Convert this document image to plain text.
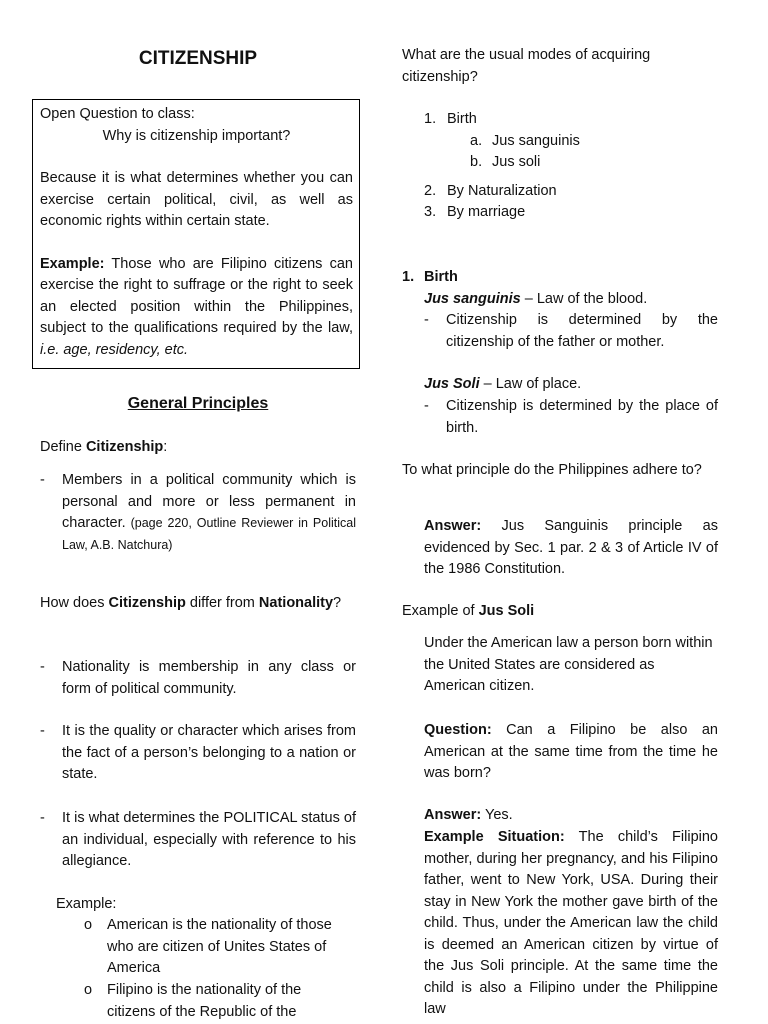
CITIZENSHIP

Open Question to class:

Why is citizenship important?

Because it is what determines whether you can exercise certain political, civil, as well as economic rights within certain state.

Example: Those who are Filipino citizens can exercise the right to suffrage or the right to seek an elected position within the Philippines, subject to the qualifications required by the law, i.e. age, residency, etc.

General Principles
Define Citizenship:
- Members in a political community which is personal and more or less permanent in character. (page 220, Outline Reviewer in Political Law, A.B. Natchura)
How does Citizenship differ from Nationality?
- Nationality is membership in any class or form of political community.
- It is the quality or character which arises from the fact of a person’s belonging to a nation or state.
- It is what determines the POLITICAL status of an individual, especially with reference to his allegiance.
Example:
o	American is the nationality of those who are citizen of Unites States of America
o	Filipino is the nationality of the citizens of the Republic of the
What are the usual modes of acquiring citizenship?
1. Birth
a. Jus sanguinis
b. Jus soli
2. By Naturalization
3. By marriage
1. Birth
Jus sanguinis – Law of the blood.
- Citizenship is determined by the citizenship of the father or mother.
Jus Soli – Law of place.
- Citizenship is determined by the place of birth.
To what principle do the Philippines adhere to?
Answer: Jus Sanguinis principle as evidenced by Sec. 1 par. 2 & 3 of Article IV of the 1986 Constitution.
Example of Jus Soli
Under the American law a person born within the United States are considered as American citizen.
Question: Can a Filipino be also an American at the same time from the time he was born?
Answer: Yes.
Example Situation: The child’s Filipino mother, during her pregnancy, and his Filipino father, went to New York, USA. During their stay in New York the mother gave birth of the child. Thus, under the American law the child is deemed an American citizen by virtue of the Jus Soli principle. At the same time the child is also a Filipino under the Philippine law
